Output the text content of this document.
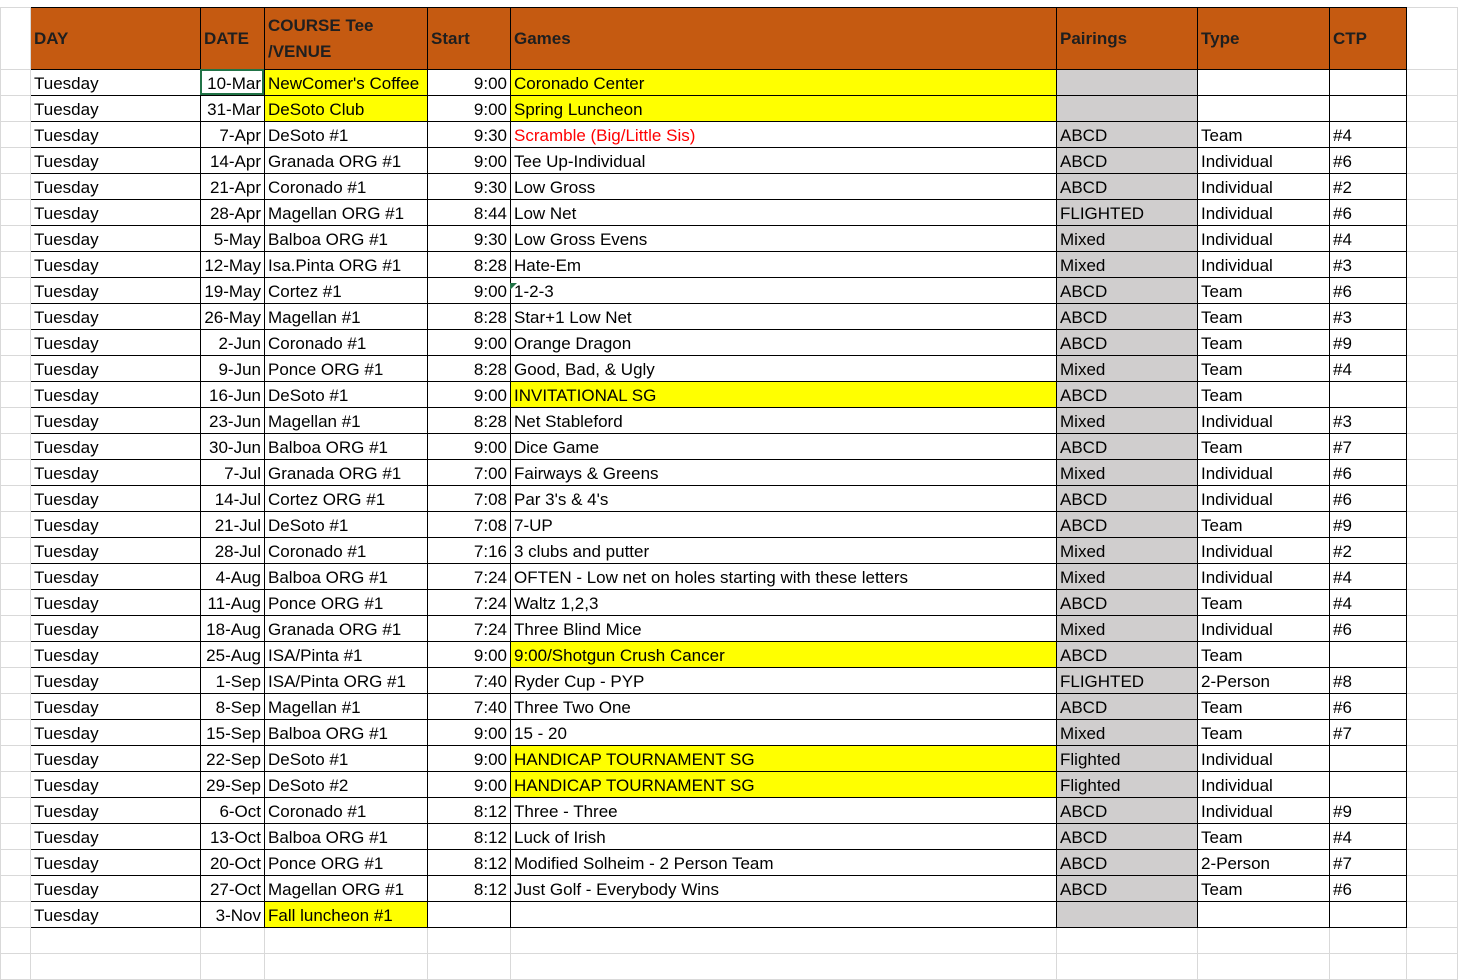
	DAY	DATE	COURSE Tee /VENUE	Start	Games	Pairings	Type	CTP	
	Tuesday	10-Mar	NewComer's Coffee	9:00	Coronado Center				
	Tuesday	31-Mar	DeSoto Club	9:00	Spring Luncheon				
	Tuesday	7-Apr	DeSoto #1	9:30	Scramble (Big/Little Sis)	ABCD	Team	#4	
	Tuesday	14-Apr	Granada ORG #1	9:00	Tee Up-Individual	ABCD	Individual	#6	
	Tuesday	21-Apr	Coronado #1	9:30	Low Gross	ABCD	Individual	#2	
	Tuesday	28-Apr	Magellan ORG #1	8:44	Low Net	FLIGHTED	Individual	#6	
	Tuesday	5-May	Balboa ORG #1	9:30	Low Gross Evens	Mixed	Individual	#4	
	Tuesday	12-May	Isa.Pinta ORG #1	8:28	Hate-Em	Mixed	Individual	#3	
	Tuesday	19-May	Cortez #1	9:00	1-2-3	ABCD	Team	#6	
	Tuesday	26-May	Magellan #1	8:28	Star+1 Low Net	ABCD	Team	#3	
	Tuesday	2-Jun	Coronado #1	9:00	Orange Dragon	ABCD	Team	#9	
	Tuesday	9-Jun	Ponce ORG #1	8:28	Good, Bad, & Ugly	Mixed	Team	#4	
	Tuesday	16-Jun	DeSoto #1	9:00	INVITATIONAL SG	ABCD	Team		
	Tuesday	23-Jun	Magellan #1	8:28	Net Stableford	Mixed	Individual	#3	
	Tuesday	30-Jun	Balboa ORG #1	9:00	Dice Game	ABCD	Team	#7	
	Tuesday	7-Jul	Granada ORG #1	7:00	Fairways & Greens	Mixed	Individual	#6	
	Tuesday	14-Jul	Cortez ORG #1	7:08	Par 3's & 4's	ABCD	Individual	#6	
	Tuesday	21-Jul	DeSoto #1	7:08	7-UP	ABCD	Team	#9	
	Tuesday	28-Jul	Coronado #1	7:16	3 clubs and putter	Mixed	Individual	#2	
	Tuesday	4-Aug	Balboa ORG #1	7:24	OFTEN - Low net on holes starting with these letters	Mixed	Individual	#4	
	Tuesday	11-Aug	Ponce ORG #1	7:24	Waltz 1,2,3	ABCD	Team	#4	
	Tuesday	18-Aug	Granada ORG #1	7:24	Three Blind Mice	Mixed	Individual	#6	
	Tuesday	25-Aug	ISA/Pinta #1	9:00	9:00/Shotgun Crush Cancer	ABCD	Team		
	Tuesday	1-Sep	ISA/Pinta ORG #1	7:40	Ryder Cup - PYP	FLIGHTED	2-Person	#8	
	Tuesday	8-Sep	Magellan #1	7:40	Three Two One	ABCD	Team	#6	
	Tuesday	15-Sep	Balboa ORG #1	9:00	15 - 20	Mixed	Team	#7	
	Tuesday	22-Sep	DeSoto #1	9:00	HANDICAP TOURNAMENT SG	Flighted	Individual		
	Tuesday	29-Sep	DeSoto #2	9:00	HANDICAP TOURNAMENT SG	Flighted	Individual		
	Tuesday	6-Oct	Coronado #1	8:12	Three - Three	ABCD	Individual	#9	
	Tuesday	13-Oct	Balboa ORG #1	8:12	Luck of Irish	ABCD	Team	#4	
	Tuesday	20-Oct	Ponce ORG #1	8:12	Modified Solheim - 2 Person Team	ABCD	2-Person	#7	
	Tuesday	27-Oct	Magellan ORG #1	8:12	Just Golf - Everybody Wins	ABCD	Team	#6	
	Tuesday	3-Nov	Fall luncheon #1						
